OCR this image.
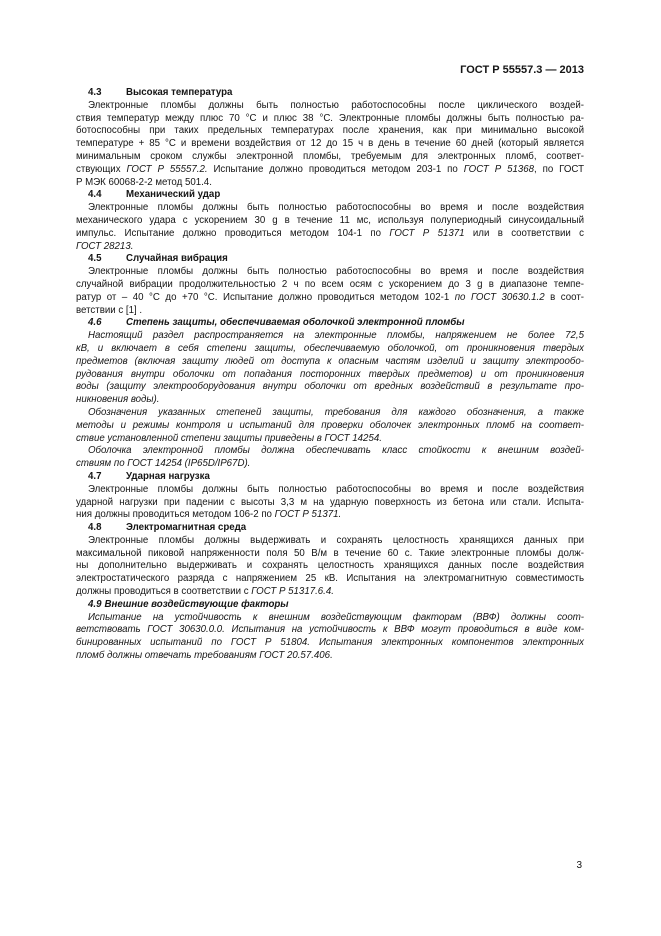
ГОСТ Р 55557.3 — 2013
4.3	Высокая температура
Электронные пломбы должны быть полностью работоспособны после циклического воздей-
ствия температур между плюс 70 °С и плюс 38 °С. Электронные пломбы должны быть полностью ра-
ботоспособны при таких предельных температурах после хранения, как при минимально высокой
температуре + 85 °С и времени воздействия от 12 до 15 ч в день в течение 60 дней (который является
минимальным сроком службы электронной пломбы, требуемым для электронных пломб, соответ-
ствующих ГОСТ Р 55557.2. Испытание должно проводиться методом 203-1 по ГОСТ Р 51368, по ГОСТ
Р МЭК 60068-2-2 метод 501.4.
4.4	Механический удар
Электронные пломбы должны быть полностью работоспособны во время и после воздействия
механического удара с ускорением 30 g в течение 11 мс, используя полупериодный синусоидальный
импульс. Испытание должно проводиться методом 104-1 по ГОСТ Р 51371 или в соответствии с
ГОСТ 28213.
4.5	Случайная вибрация
Электронные пломбы должны быть полностью работоспособны во время и после воздействия
случайной вибрации продолжительностью 2 ч по всем осям с ускорением до 3 g в диапазоне темпе-
ратур от – 40 °С до +70 °С. Испытание должно проводиться методом 102-1 по ГОСТ 30630.1.2 в соот-
ветствии с [1] .
4.6	Степень защиты, обеспечиваемая оболочкой электронной пломбы
Настоящий раздел распространяется на электронные пломбы, напряжением не более 72,5
кВ, и включает в себя степени защиты, обеспечиваемую оболочкой, от проникновения твердых
предметов (включая защиту людей от доступа к опасным частям изделий и защиту электрообо-
рудования внутри оболочки от попадания посторонних твердых предметов) и от проникновения
воды (защиту электрооборудования внутри оболочки от вредных воздействий в результате про-
никновения воды).
Обозначения указанных степеней защиты, требования для каждого обозначения, а также
методы и режимы контроля и испытаний для проверки оболочек электронных пломб на соответ-
ствие установленной степени защиты приведены в ГОСТ 14254.
Оболочка электронной пломбы должна обеспечивать класс стойкости к внешним воздей-
ствиям по ГОСТ 14254 (IP65D/IP67D).
4.7	Ударная нагрузка
Электронные пломбы должны быть полностью работоспособны во время и после воздействия
ударной нагрузки при падении с высоты 3,3 м на ударную поверхность из бетона или стали. Испыта-
ния должны проводиться методом 106-2 по ГОСТ Р 51371.
4.8	Электромагнитная среда
Электронные пломбы должны выдерживать и сохранять целостность хранящихся данных при
максимальной пиковой напряженности поля 50 В/м в течение 60 с. Такие электронные пломбы долж-
ны дополнительно выдерживать и сохранять целостность хранящихся данных после воздействия
электростатического разряда с напряжением 25 кВ. Испытания на электромагнитную совместимость
должны проводиться в соответствии с ГОСТ Р 51317.6.4.
4.9 Внешние воздействующие факторы
Испытание на устойчивость к внешним воздействующим факторам (ВВФ) должны соот-
ветствовать ГОСТ 30630.0.0. Испытания на устойчивость к ВВФ могут проводиться в виде ком-
бинированных испытаний по ГОСТ Р 51804. Испытания электронных компонентов электронных
пломб должны отвечать требованиям ГОСТ 20.57.406.
3
